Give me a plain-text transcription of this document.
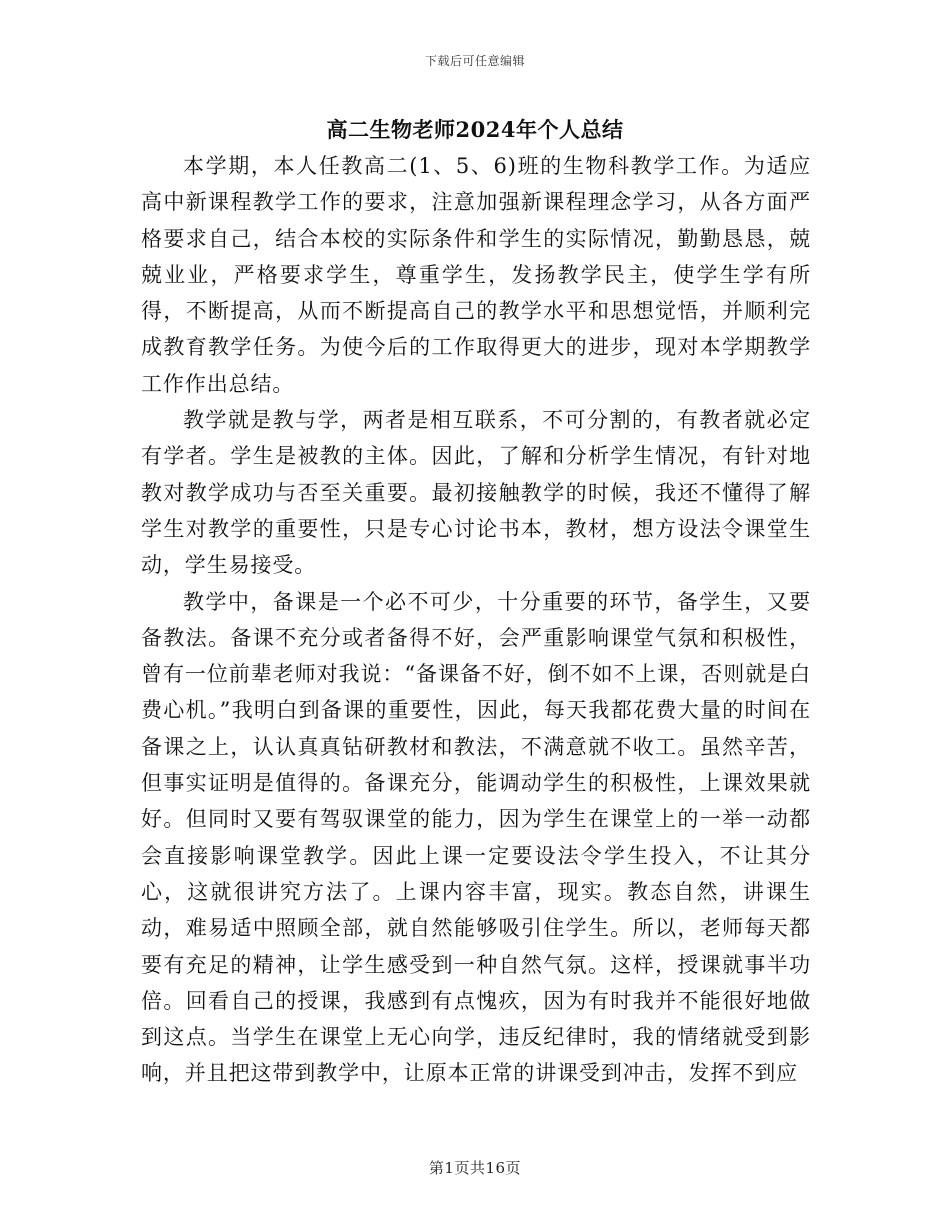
下载后可任意编辑
高二生物老师2024年个人总结

本学期，本人任教高二(1、5、6)班的生物科教学工作。为适应高中新课程教学工作的要求，注意加强新课程理念学习，从各方面严格要求自己，结合本校的实际条件和学生的实际情况，勤勤恳恳，兢兢业业，严格要求学生，尊重学生，发扬教学民主，使学生学有所得，不断提高，从而不断提高自己的教学水平和思想觉悟，并顺利完成教育教学任务。为使今后的工作取得更大的进步，现对本学期教学工作作出总结。

教学就是教与学，两者是相互联系，不可分割的，有教者就必定有学者。学生是被教的主体。因此，了解和分析学生情况，有针对地教对教学成功与否至关重要。最初接触教学的时候，我还不懂得了解学生对教学的重要性，只是专心讨论书本，教材，想方设法令课堂生动，学生易接受。

教学中，备课是一个必不可少，十分重要的环节，备学生，又要备教法。备课不充分或者备得不好，会严重影响课堂气氛和积极性，曾有一位前辈老师对我说：“备课备不好，倒不如不上课，否则就是白费心机。”我明白到备课的重要性，因此，每天我都花费大量的时间在备课之上，认认真真钻研教材和教法，不满意就不收工。虽然辛苦，但事实证明是值得的。备课充分，能调动学生的积极性，上课效果就好。但同时又要有驾驭课堂的能力，因为学生在课堂上的一举一动都会直接影响课堂教学。因此上课一定要设法令学生投入，不让其分心，这就很讲究方法了。上课内容丰富，现实。教态自然，讲课生动，难易适中照顾全部，就自然能够吸引住学生。所以，老师每天都要有充足的精神，让学生感受到一种自然气氛。这样，授课就事半功倍。回看自己的授课，我感到有点愧疚，因为有时我并不能很好地做到这点。当学生在课堂上无心向学，违反纪律时，我的情绪就受到影响，并且把这带到教学中，让原本正常的讲课受到冲击，发挥不到应

第1页共16页
